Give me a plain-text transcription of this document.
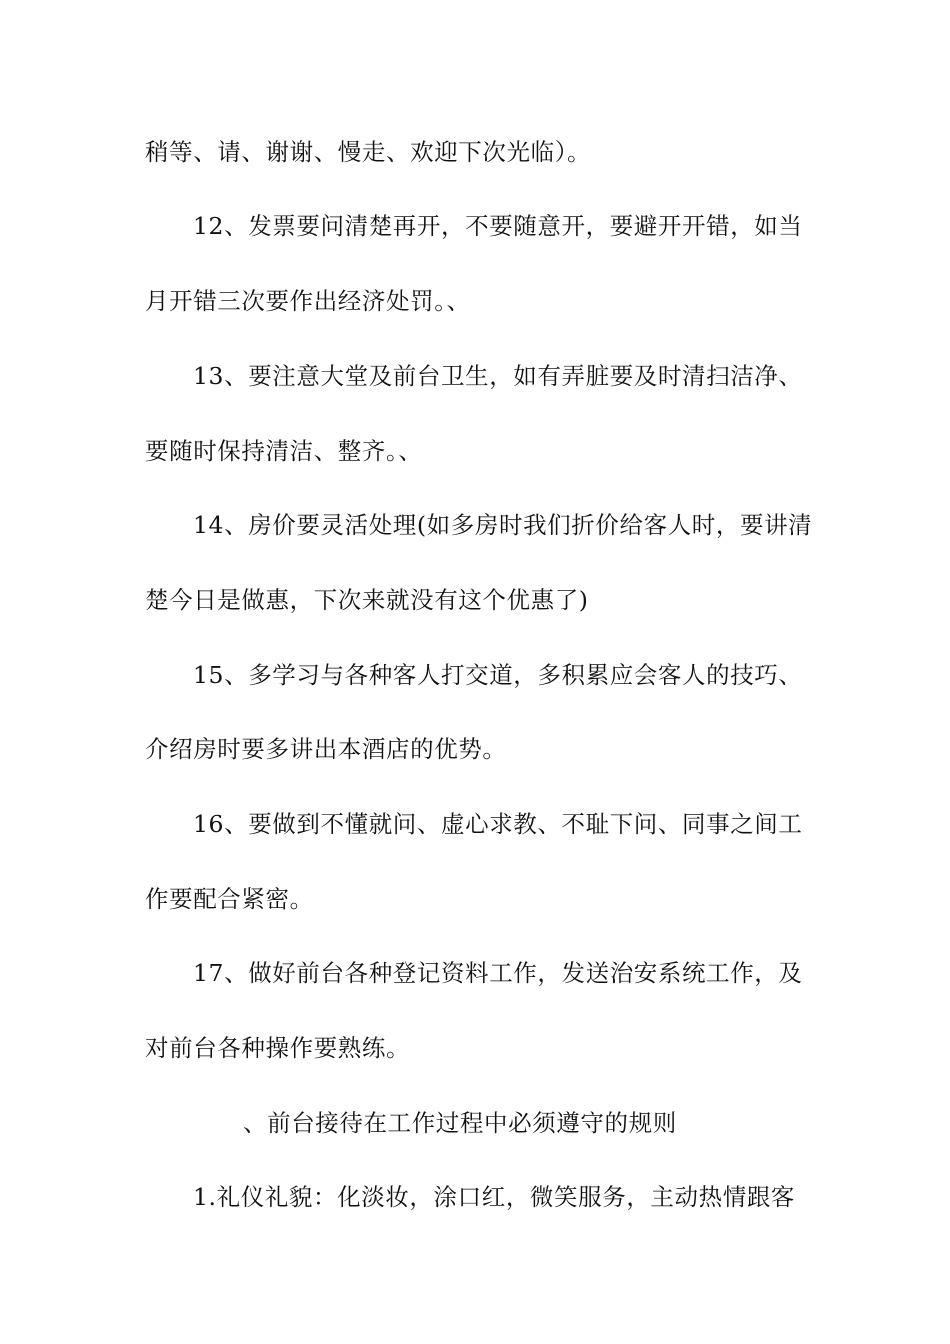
稍等、请、谢谢、慢走、欢迎下次光临）。
12、发票要问清楚再开，不要随意开，要避开开错，如当
月开错三次要作出经济处罚。、
13、要注意大堂及前台卫生，如有弄脏要及时清扫洁净、
要随时保持清洁、整齐。、
14、房价要灵活处理(如多房时我们折价给客人时，要讲清
楚今日是做惠，下次来就没有这个优惠了)
15、多学习与各种客人打交道，多积累应会客人的技巧、
介绍房时要多讲出本酒店的优势。
16、要做到不懂就问、虚心求教、不耻下问、同事之间工
作要配合紧密。
17、做好前台各种登记资料工作，发送治安系统工作，及
对前台各种操作要熟练。
、前台接待在工作过程中必须遵守的规则
1.礼仪礼貌：化淡妆，涂口红，微笑服务，主动热情跟客
